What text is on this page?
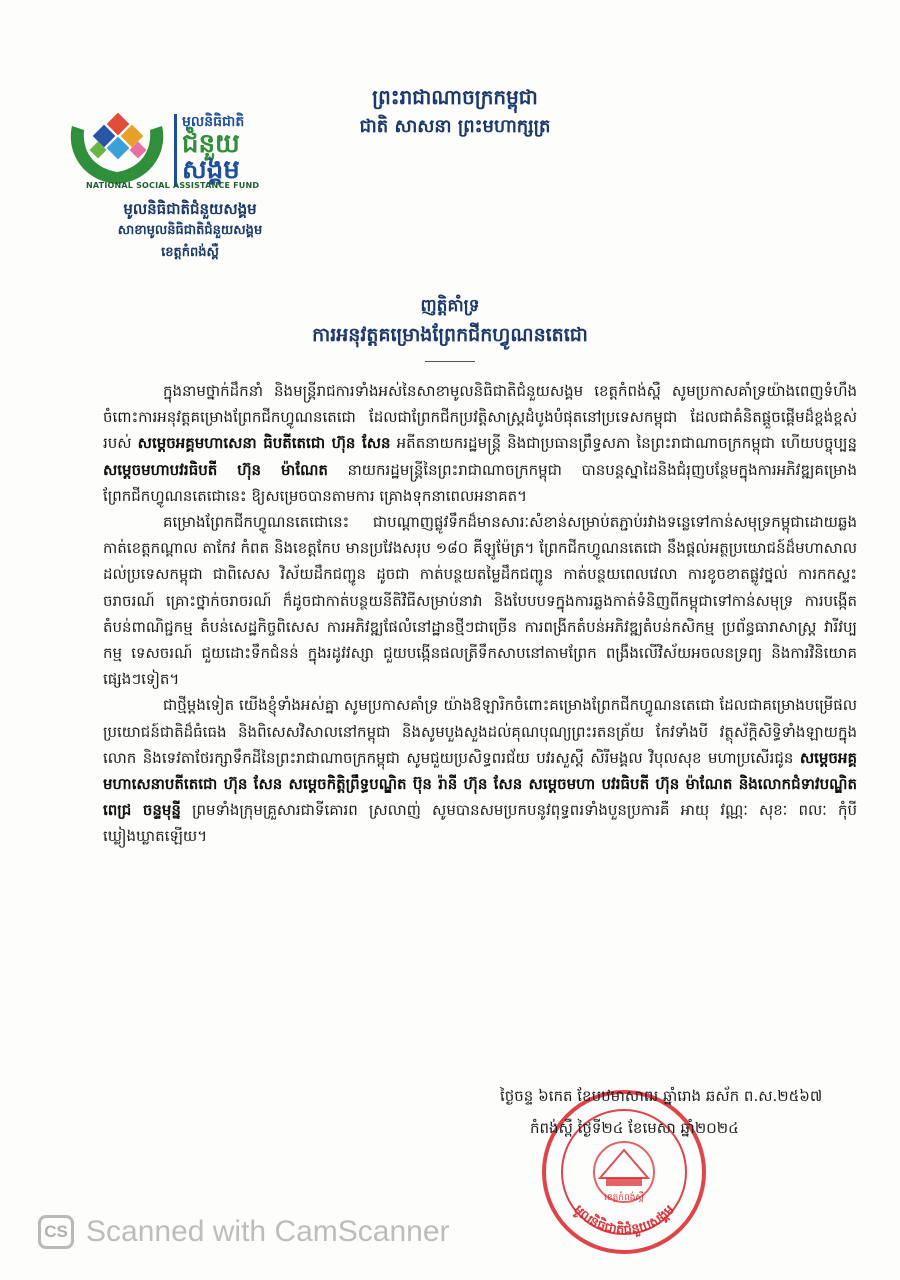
មូលនិធិជាតិ
ជំនួយ
សង្គម
NATIONAL SOCIAL ASSISTANCE FUND
មូលនិធិជាតិជំនួយសង្គម
សាខាមូលនិធិជាតិជំនួយសង្គម
ខេត្តកំពង់ស្ពឺ
ព្រះរាជាណាចក្រកម្ពុជា
ជាតិ សាសនា ព្រះមហាក្សត្រ
ញត្តិគាំទ្រ
ការអនុវត្តគម្រោងព្រែកជីកហ្វូណនតេជោ

ក្នុងនាមថ្នាក់ដឹកនាំ និងមន្ត្រីរាជការទាំងអស់នៃសាខាមូលនិធិជាតិជំនួយសង្គម ខេត្តកំពង់ស្ពឺ សូមប្រកាសគាំទ្រយ៉ាងពេញទំហឹង ចំពោះការអនុវត្តគម្រោងព្រែកជីកហ្វូណនតេជោ ដែលជាព្រែកជីកប្រវត្តិសាស្ត្រដំបូងបំផុតនៅប្រទេសកម្ពុជា ដែលជាគំនិតផ្តួចផ្តើមដ៏ខ្ពង់ខ្ពស់របស់ សម្តេចអគ្គមហាសេនា ធិបតីតេជោ ហ៊ុន សែន អតីតនាយករដ្ឋមន្ត្រី និងជាប្រធានព្រឹទ្ធសភា នៃព្រះរាជាណាចក្រកម្ពុជា ហើយបច្ចុប្បន្ន សម្តេចមហាបវរធិបតី ហ៊ុន ម៉ាណែត នាយករដ្ឋមន្ត្រីនៃព្រះរាជាណាចក្រកម្ពុជា បានបន្តស្នាដៃនិងជំរុញបន្ថែមក្នុងការអភិវឌ្ឍគម្រោងព្រែកជីកហ្វូណនតេជោនេះ ឱ្យសម្រេចបានតាមការ គ្រោងទុកនាពេលអនាគត។

គម្រោងព្រែកជីកហ្វូណនតេជោនេះ ជាបណ្តាញផ្លូវទឹកដ៏មានសារៈសំខាន់សម្រាប់តភ្ជាប់រវាងទន្លេទៅកាន់សមុទ្រកម្ពុជាដោយឆ្លងកាត់ខេត្តកណ្តាល តាកែវ កំពត និងខេត្តកែប មានប្រវែងសរុប ១៨០ គីឡូម៉ែត្រ។ ព្រែកជីកហ្វូណនតេជោ នឹងផ្តល់អត្ថប្រយោជន៍ដ៏មហាសាលដល់ប្រទេសកម្ពុជា ជាពិសេស វិស័យដឹកជញ្ជូន ដូចជា កាត់បន្ថយតម្លៃដឹកជញ្ជូន កាត់បន្ថយពេលវេលា ការខូចខាតផ្លូវថ្នល់ ការកកស្ទះចរាចរណ៍ គ្រោះថ្នាក់ចរាចរណ៍ ក៏ដូចជាកាត់បន្ថយនីតិវិធីសម្រាប់នាវា និងបែបបទក្នុងការឆ្លងកាត់ទំនិញពីកម្ពុជាទៅកាន់សមុទ្រ ការបង្កើតតំបន់ពាណិជ្ជកម្ម តំបន់សេដ្ឋកិច្ចពិសេស ការអភិវឌ្ឍផែលំនៅដ្ឋានថ្មីៗជាច្រើន ការពង្រីកតំបន់អភិវឌ្ឍតំបន់កសិកម្ម ប្រព័ន្ធធារាសាស្ត្រ វារីវប្បកម្ម ទេសចរណ៍ ជួយដោះទឹកជំនន់ ក្នុងរដូវវស្សា ជួយបង្កើនផលត្រីទឹកសាបនៅតាមព្រែក ពង្រឹងលើវិស័យអចលនទ្រព្យ និងការវិនិយោគផ្សេងៗទៀត។

ជាថ្មីម្តងទៀត យើងខ្ញុំទាំងអស់គ្នា សូមប្រកាសគាំទ្រ យ៉ាងឱឡារិកចំពោះគម្រោងព្រែកជីកហ្វូណនតេជោ ដែលជាគម្រោងបម្រើផលប្រយោជន៍ជាតិដ៏ធំធេង និងពិសេសវិសាលនៅកម្ពុជា និងសូមបួងសួងដល់គុណបុណ្យព្រះរតនត្រ័យ កែវទាំងបី វត្ថុស័ក្តិសិទ្ធិទាំងឡាយក្នុងលោក និងទេវតាថែរក្សាទឹកដីនៃព្រះរាជាណាចក្រកម្ពុជា សូមជួយប្រសិទ្ធពរជ័យ បវរសួស្តី សិរីមង្គល វិបុលសុខ មហាប្រសើរជូន សម្តេចអគ្គមហាសេនាបតីតេជោ ហ៊ុន សែន សម្តេចកិត្តិព្រឹទ្ធបណ្ឌិត ប៊ុន រ៉ានី ហ៊ុន សែន សម្តេចមហា បវរធិបតី ហ៊ុន ម៉ាណែត និងលោកជំទាវបណ្ឌិត ពេជ្រ ចន្ទមុន្នី ព្រមទាំងក្រុមគ្រួសារជាទីគោរព ស្រលាញ់ សូមបានសមប្រកបនូវពុទ្ធពរទាំងបួនប្រការគឺ អាយុ វណ្ណៈ សុខៈ ពលៈ កុំបីឃ្លៀងឃ្លាតឡើយ។

ខេត្តកំពង់ស្ពឺ
មូលនិធិជាតិជំនួយសង្គម
ថ្ងៃចន្ទ ៦កេត ខែបឋមាសាឍ ឆ្នាំរោង ឆស័ក ព.ស.២៥៦៧
កំពង់ស្ពឺ ថ្ងៃទី២៤ ខែមេសា ឆ្នាំ២០២៤
CS Scanned with CamScanner
